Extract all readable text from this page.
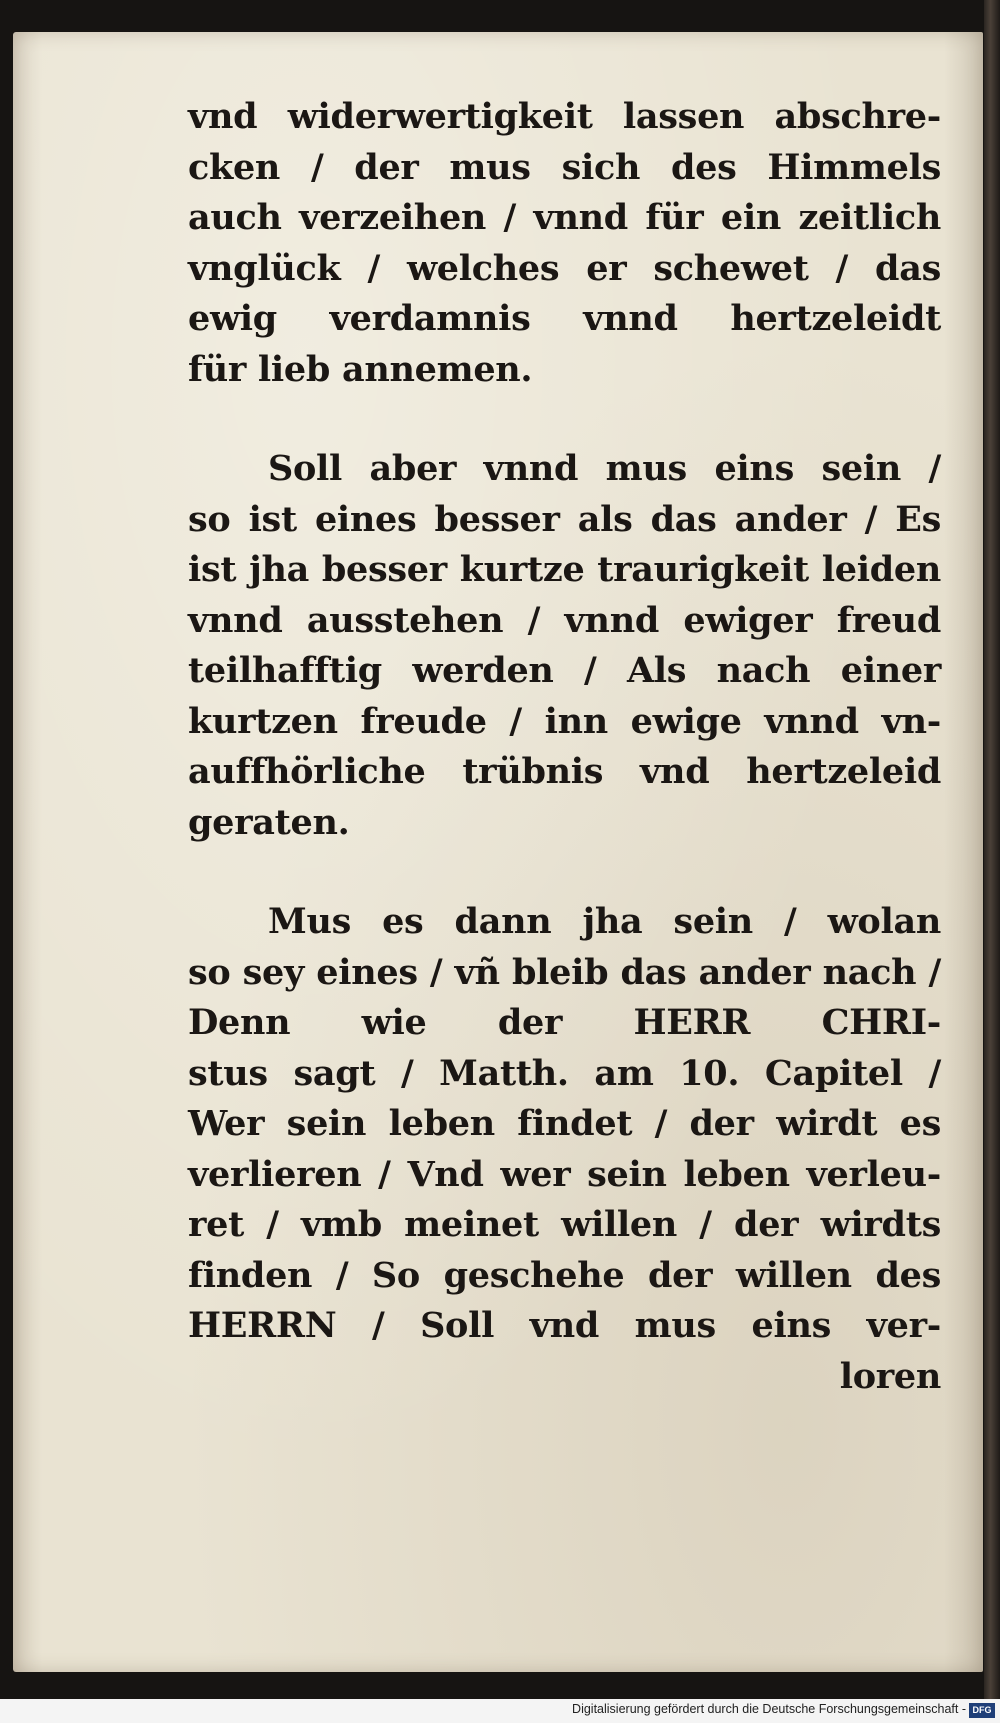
vnd widerwertigkeit lassen abschre-
cken / der mus sich des Himmels
auch verzeihen / vnnd für ein zeitlich
vnglück / welches er schewet / das
ewig verdamnis vnnd hertzeleidt
für lieb annemen.

Soll aber vnnd mus eins sein /
so ist eines besser als das ander / Es
ist jha besser kurtze traurigkeit leiden
vnnd ausstehen / vnnd ewiger freud
teilhafftig werden / Als nach einer
kurtzen freude / inn ewige vnnd vn-
auffhörliche trübnis vnd hertzeleid
geraten.

Mus es dann jha sein / wolan
so sey eines / vñ bleib das ander nach /
Denn wie der HERR CHRI-
stus sagt / Matth. am 10. Capitel /
Wer sein leben findet / der wirdt es
verlieren / Vnd wer sein leben verleu-
ret / vmb meinet willen / der wirdts
finden / So geschehe der willen des
HERRN / Soll vnd mus eins ver-
loren

Digitalisierung gefördert durch die Deutsche Forschungsgemeinschaft - DFG
